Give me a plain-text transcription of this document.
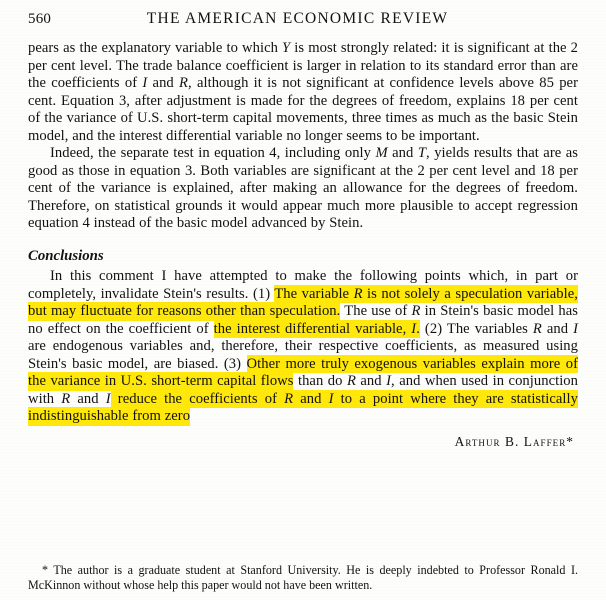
560	THE AMERICAN ECONOMIC REVIEW

pears as the explanatory variable to which Y is most strongly related: it is significant at the 2 per cent level. The trade balance coefficient is larger in relation to its standard error than are the coefficients of I and R, although it is not significant at confidence levels above 85 per cent. Equation 3, after adjustment is made for the degrees of freedom, explains 18 per cent of the variance of U.S. short-term capital movements, three times as much as the basic Stein model, and the interest differential variable no longer seems to be important.

Indeed, the separate test in equation 4, including only M and T, yields results that are as good as those in equation 3. Both variables are significant at the 2 per cent level and 18 per cent of the variance is explained, after making an allowance for the degrees of freedom. Therefore, on statistical grounds it would appear much more plausible to accept regression equation 4 instead of the basic model advanced by Stein.

Conclusions

In this comment I have attempted to make the following points which, in part or completely, invalidate Stein's results. (1) The variable R is not solely a speculation variable, but may fluctuate for reasons other than speculation. The use of R in Stein's basic model has no effect on the coefficient of the interest differential variable, I. (2) The variables R and I are endogenous variables and, therefore, their respective coefficients, as measured using Stein's basic model, are biased. (3) Other more truly exogenous variables explain more of the variance in U.S. short-term capital flows than do R and I, and when used in conjunction with R and I reduce the coefficients of R and I to a point where they are statistically indistinguishable from zero

Arthur B. Laffer*

* The author is a graduate student at Stanford University. He is deeply indebted to Professor Ronald I. McKinnon without whose help this paper would not have been written.
